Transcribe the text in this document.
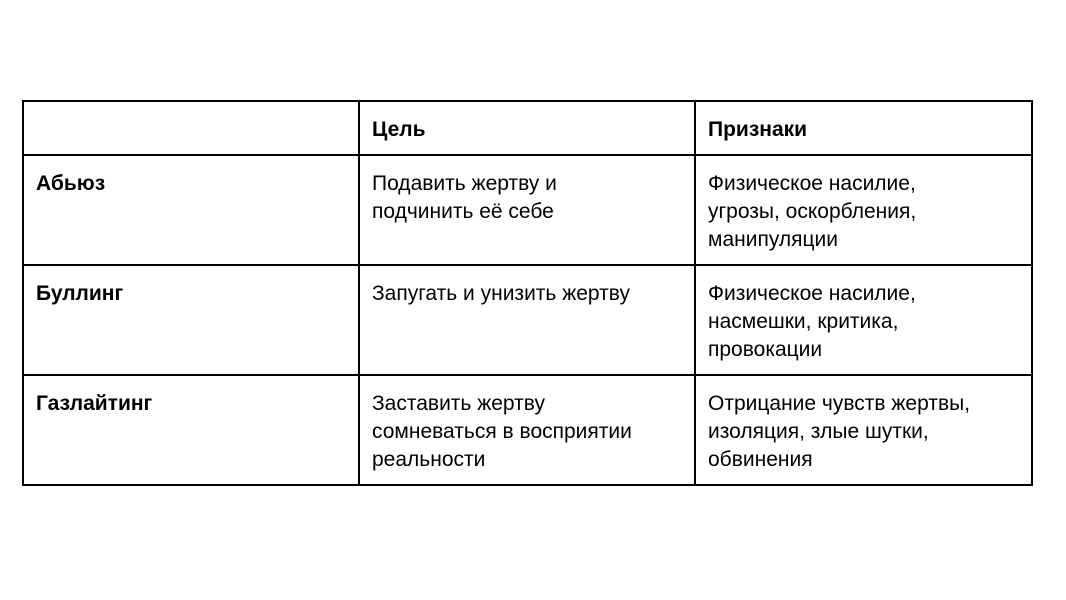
	Цель	Признаки
Абьюз	Подавить жертву и
подчинить её себе	Физическое насилие,
угрозы, оскорбления,
манипуляции

Буллинг	Запугать и унизить жертву	Физическое насилие,
насмешки, критика,
провокации

Газлайтинг	Заставить жертву
сомневаться в восприятии
реальности	Отрицание чувств жертвы,
изоляция, злые шутки,
обвинения
